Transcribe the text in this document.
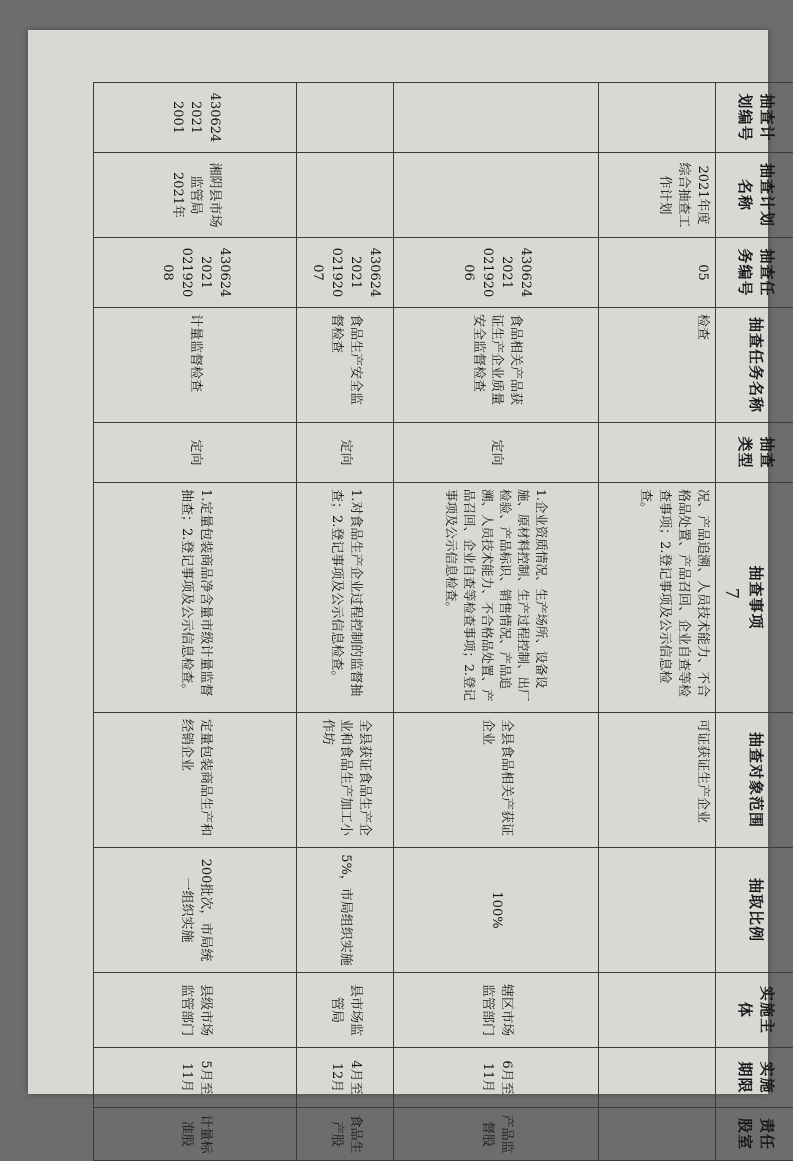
7
抽查计划编号	抽查计划名称	抽查任务编号	抽查任务名称	抽查类型	抽查事项	抽查对象范围	抽取比例	实施主体	实施期限	责任股室
	2021年度综合抽查工作计划	05	检查		况、产品追溯、人员技术能力、不合格品处置、产品召回、企业自查等检查事项；2.登记事项及公示信息检查。	可证获证生产企业				
		430624 2021 021920 06	食品相关产品获证生产企业质量安全监督检查	定向	1.企业资质情况、生产场所、设备设施、原材料控制、生产过程控制、出厂检验、产品标识、销售情况、产品追溯、人员技术能力、不合格品处置、产品召回、企业自查等检查事项；2.登记事项及公示信息检查。	全县食品相关产获证企业	100%	辖区市场监管部门	6月至11月	产品监督股
		430624 2021 021920 07	食品生产安全监督检查	定向	1.对食品生产企业过程控制的监督抽查；2.登记事项及公示信息检查。	全县获证食品生产企业和食品生产加工小作坊	5%，市局组织实施	县市场监管局	4月至12月	食品生产股
430624 2021 2001	湘阴县市场监管局2021年	430624 2021 021920 08	计量监督检查	定向	1.定量包装商品净含量市级计量监督抽查；2.登记事项及公示信息检查。	定量包装商品生产和经销企业	200批次，市局统一组织实施	县级市场监管部门	5月至11月	计量标准股
